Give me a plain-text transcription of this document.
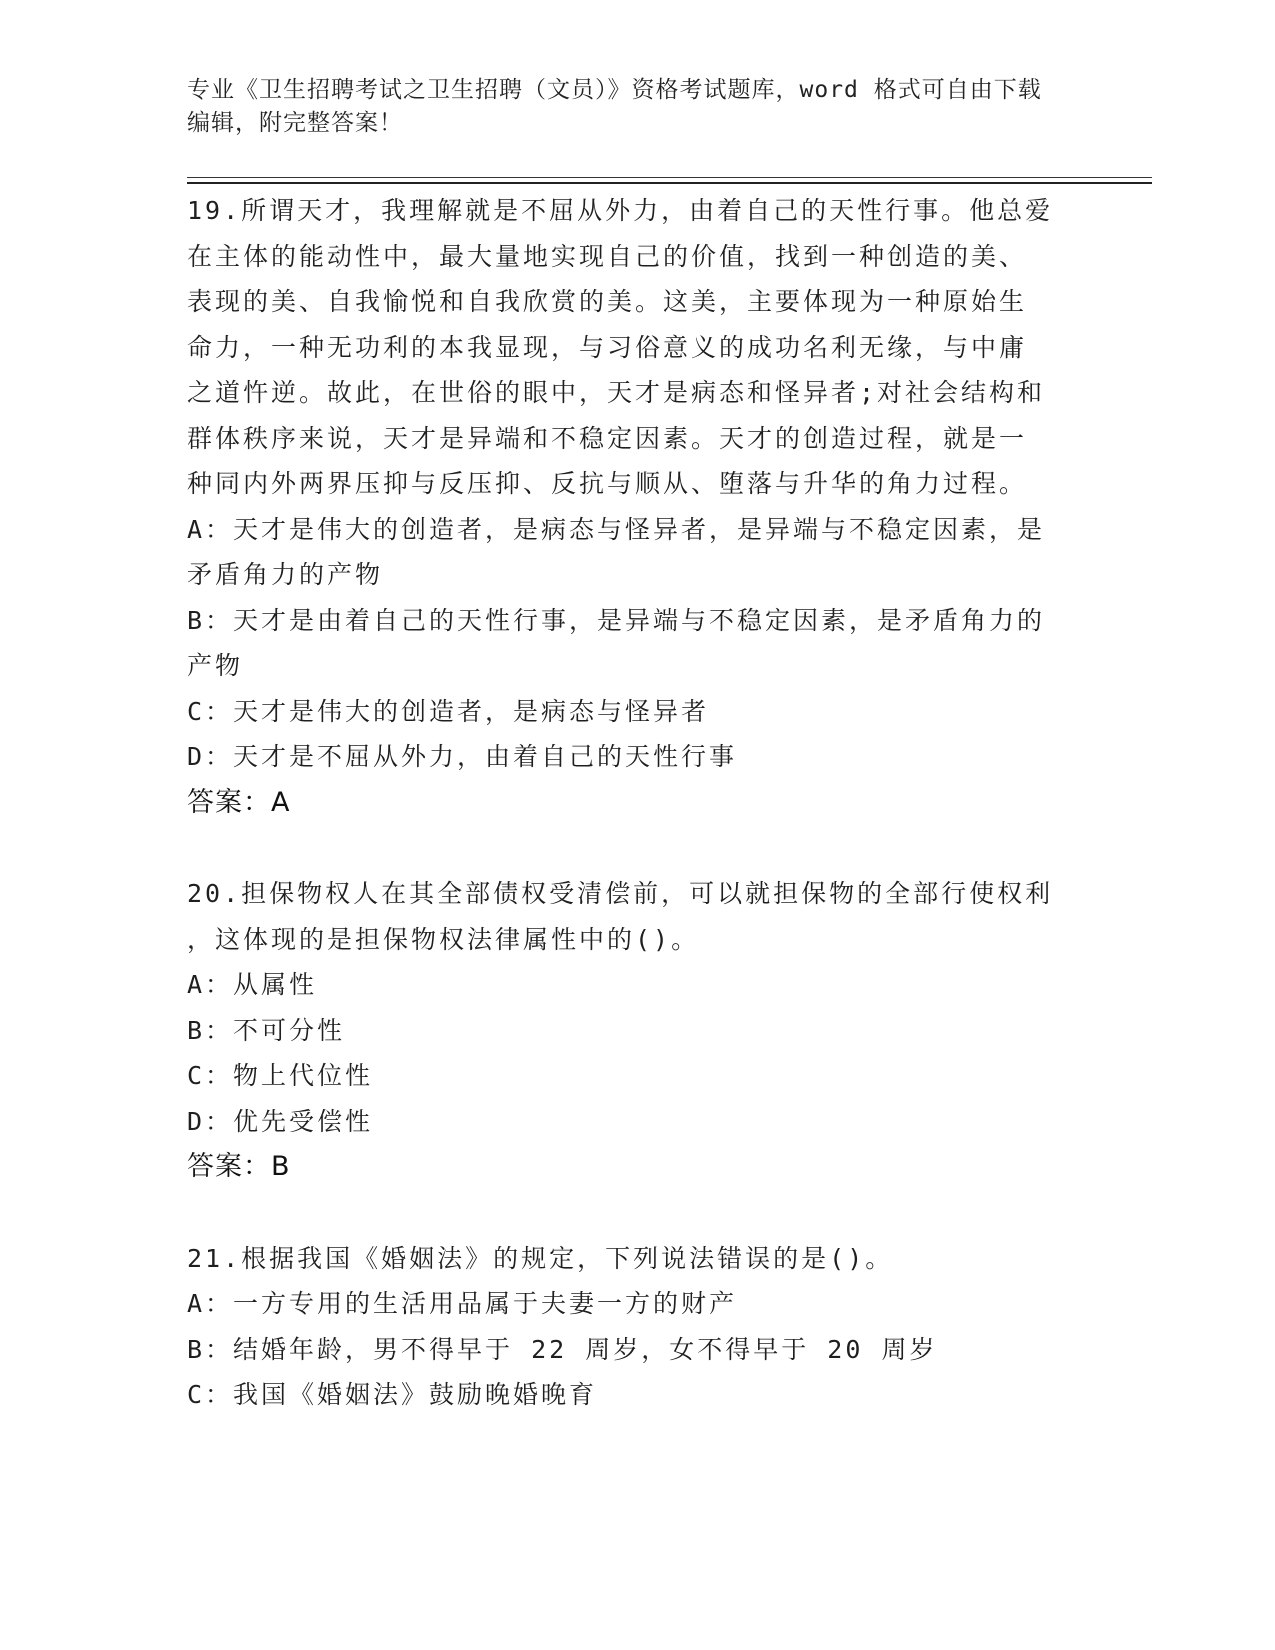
专业《卫生招聘考试之卫生招聘（文员）》资格考试题库，word 格式可自由下载
编辑，附完整答案！
19.所谓天才，我理解就是不屈从外力，由着自己的天性行事。他总爱
在主体的能动性中，最大量地实现自己的价值，找到一种创造的美、
表现的美、自我愉悦和自我欣赏的美。这美，主要体现为一种原始生
命力，一种无功利的本我显现，与习俗意义的成功名利无缘，与中庸
之道忤逆。故此，在世俗的眼中，天才是病态和怪异者;对社会结构和
群体秩序来说，天才是异端和不稳定因素。天才的创造过程，就是一
种同内外两界压抑与反压抑、反抗与顺从、堕落与升华的角力过程。
A：天才是伟大的创造者，是病态与怪异者，是异端与不稳定因素，是
矛盾角力的产物
B：天才是由着自己的天性行事，是异端与不稳定因素，是矛盾角力的
产物
C：天才是伟大的创造者，是病态与怪异者
D：天才是不屈从外力，由着自己的天性行事
答案：A
20.担保物权人在其全部债权受清偿前，可以就担保物的全部行使权利
，这体现的是担保物权法律属性中的()。
A：从属性
B：不可分性
C：物上代位性
D：优先受偿性
答案：B
21.根据我国《婚姻法》的规定，下列说法错误的是()。
A：一方专用的生活用品属于夫妻一方的财产
B：结婚年龄，男不得早于 22 周岁，女不得早于 20 周岁
C：我国《婚姻法》鼓励晚婚晚育
